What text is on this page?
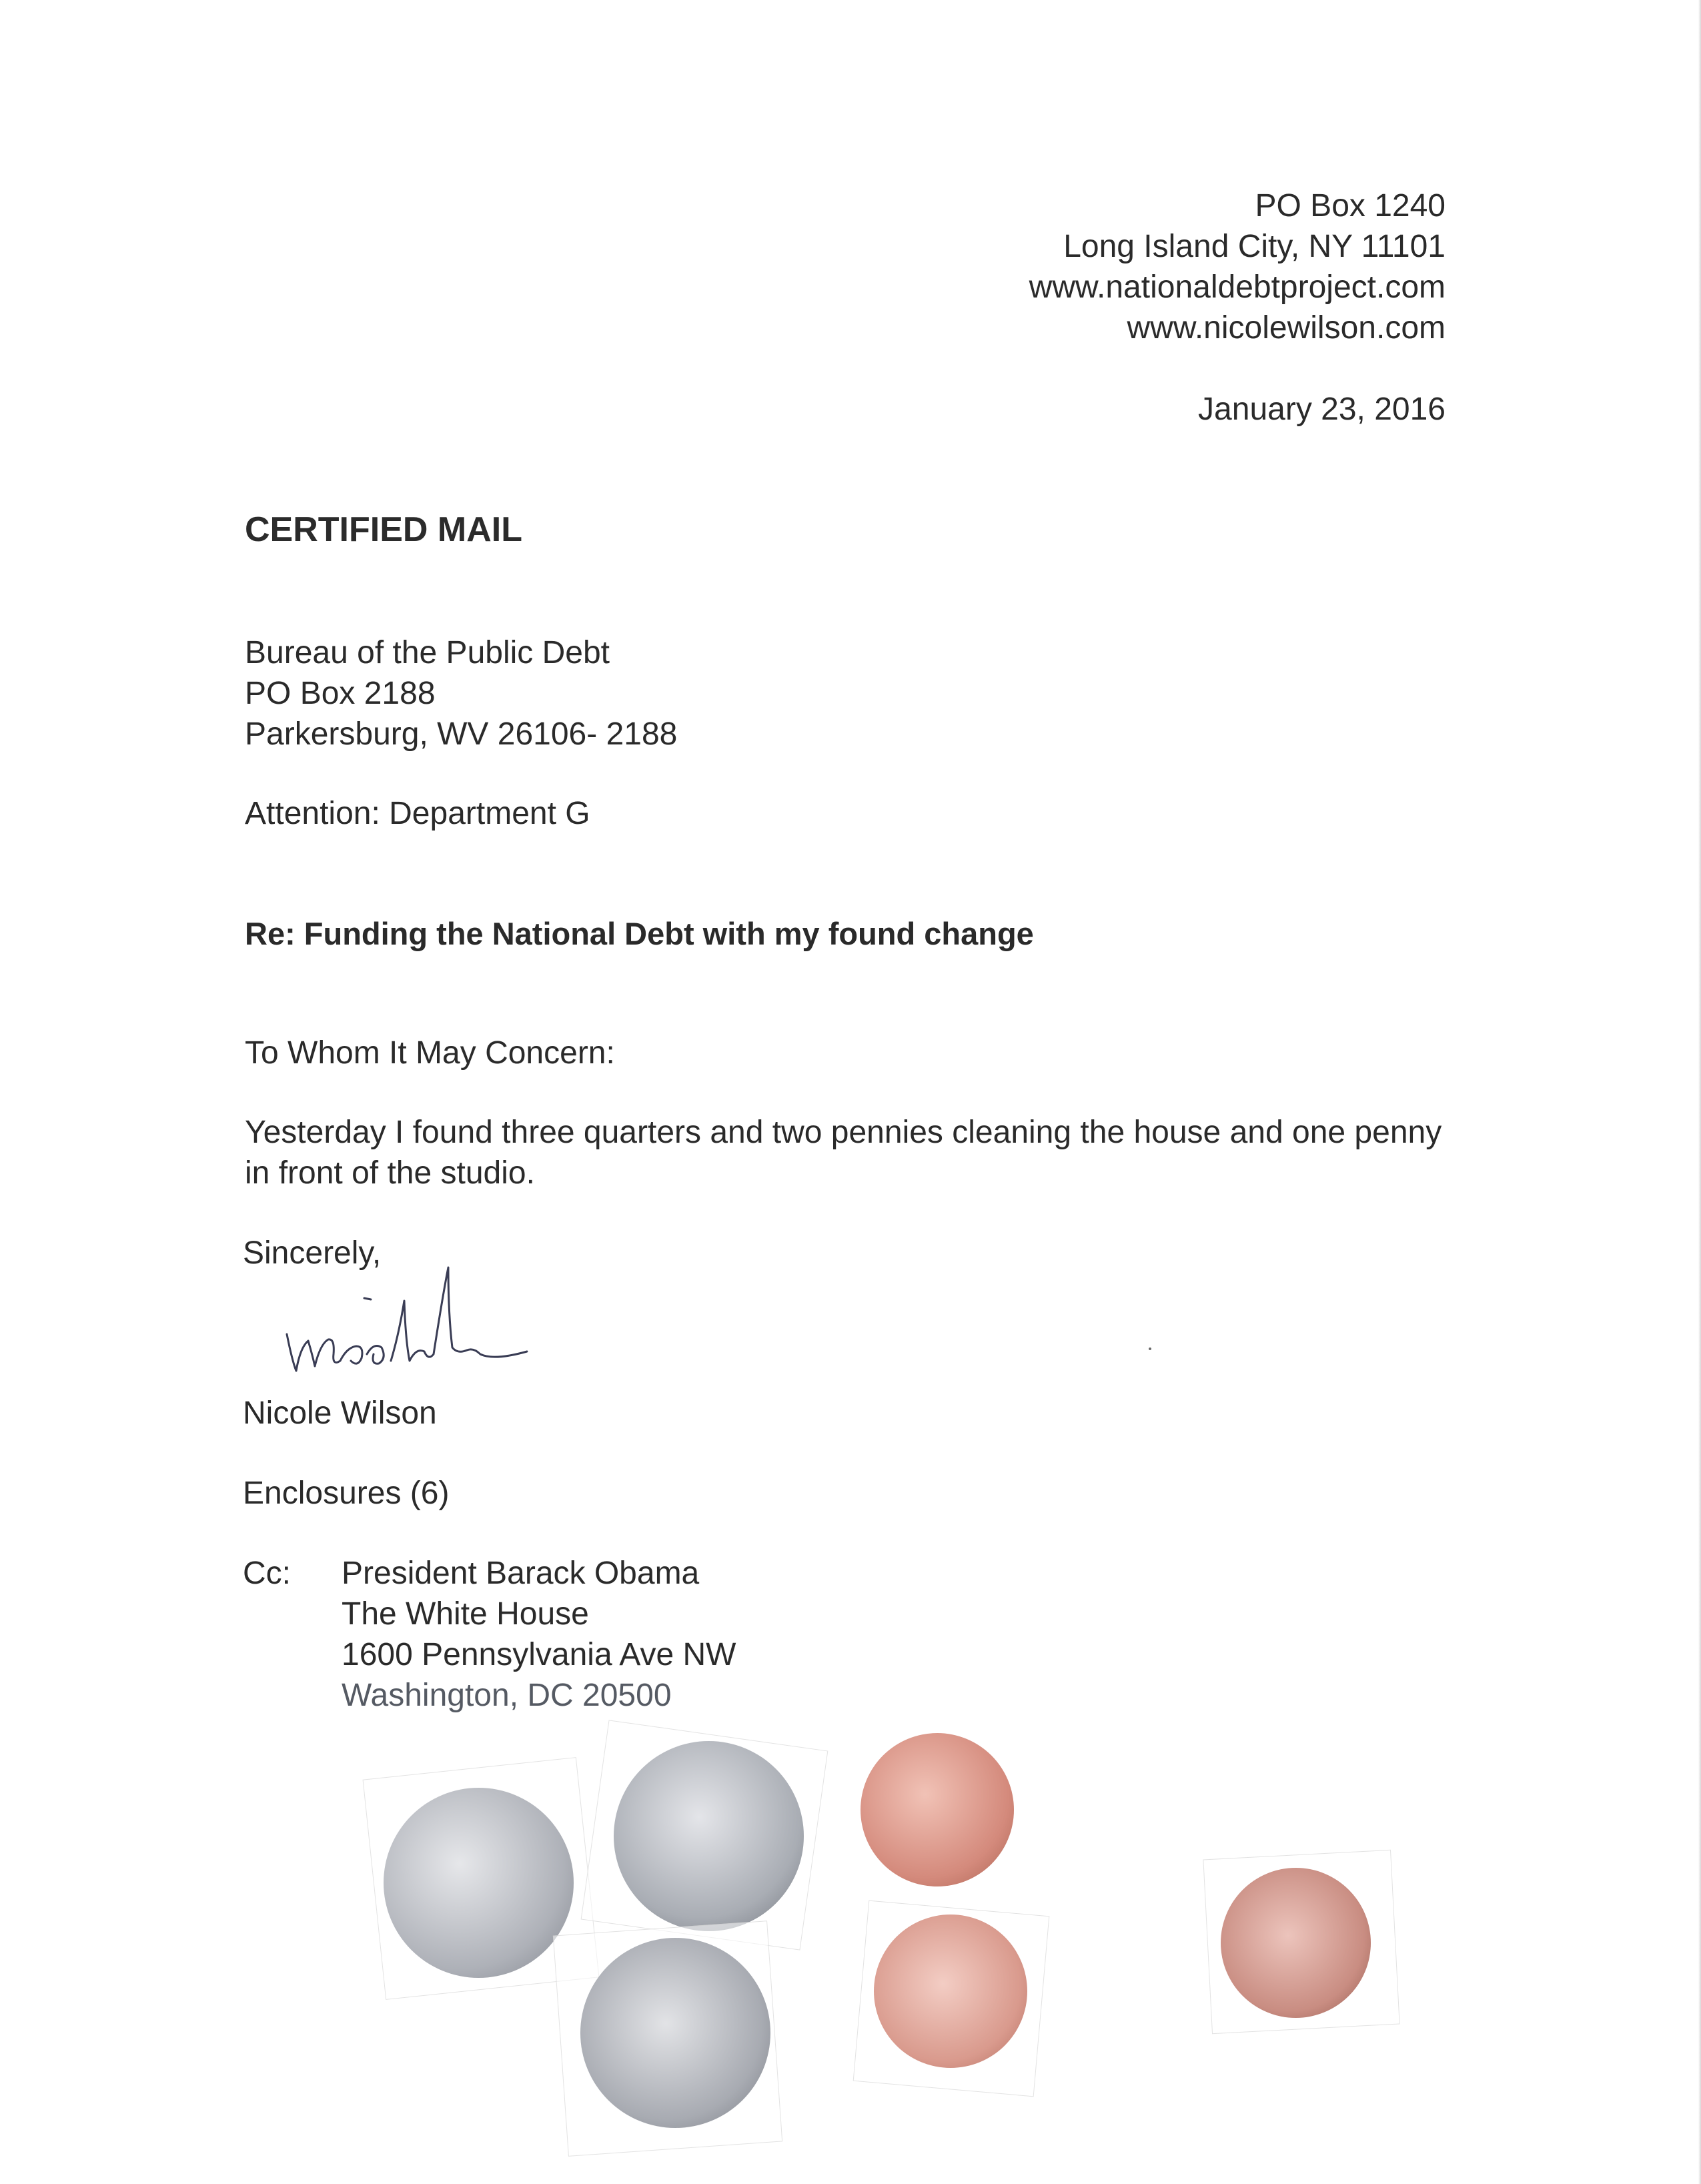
PO Box 1240
Long Island City, NY 11101
www.nationaldebtproject.com
www.nicolewilson.com
January 23, 2016
CERTIFIED MAIL
Bureau of the Public Debt
PO Box 2188
Parkersburg, WV 26106- 2188
Attention: Department G
Re: Funding the National Debt with my found change
To Whom It May Concern:
Yesterday I found three quarters and two pennies cleaning the house and one penny in front of the studio.
Sincerely,
Nicole Wilson
Enclosures (6)
Cc: President Barack Obama
The White House
1600 Pennsylvania Ave NW
Washington, DC 20500
